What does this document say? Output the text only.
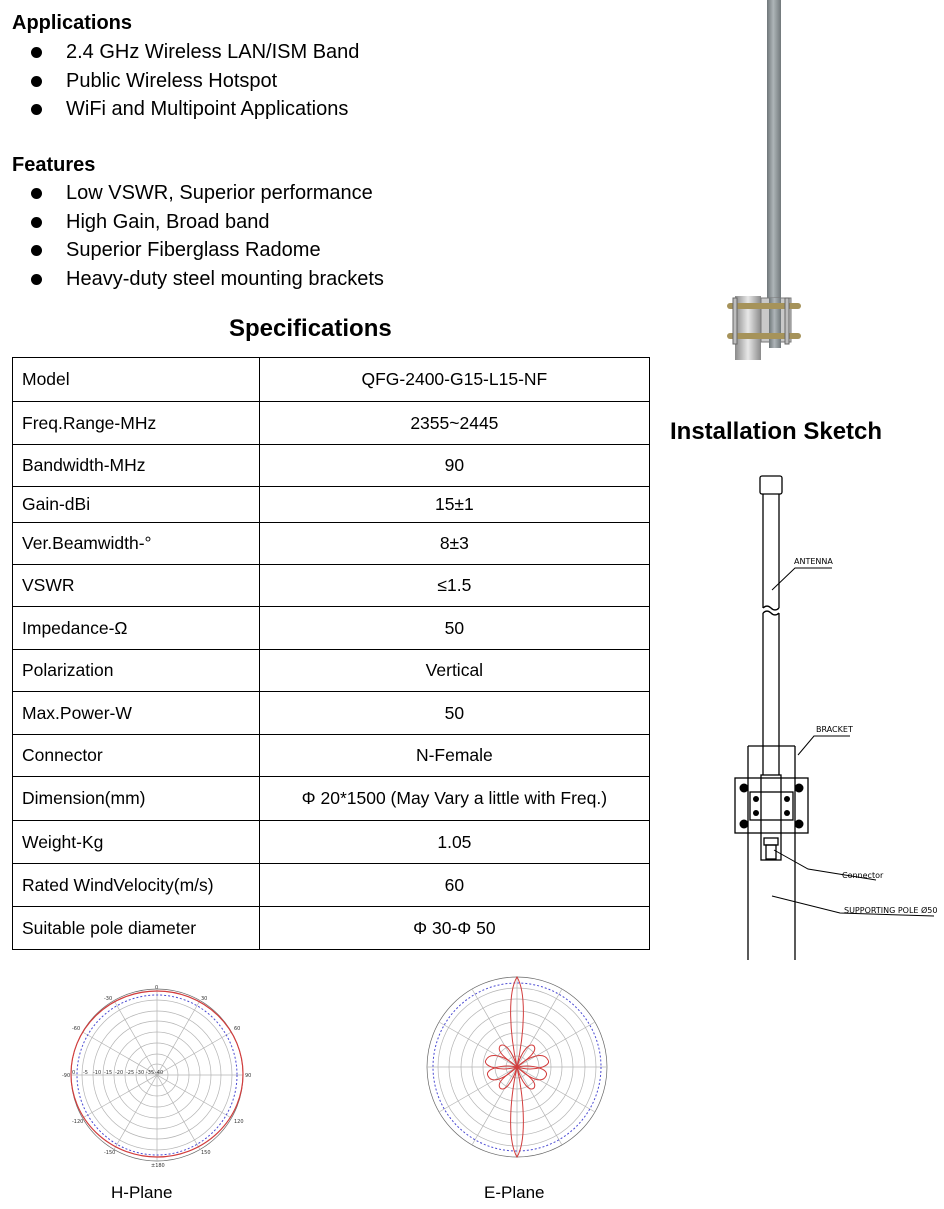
Applications
2.4 GHz Wireless LAN/ISM Band
Public Wireless Hotspot
WiFi and Multipoint Applications
Features
Low VSWR, Superior performance
High Gain, Broad band
Superior Fiberglass Radome
Heavy-duty steel mounting brackets
Specifications
Model	QFG-2400-G15-L15-NF
Freq.Range-MHz	2355~2445
Bandwidth-MHz	90
Gain-dBi	15±1
Ver.Beamwidth-°	8±3
VSWR	≤1.5
Impedance-Ω	50
Polarization	Vertical
Max.Power-W	50
Connector	N-Female
Dimension(mm)	Φ 20*1500 (May Vary a little with Freq.)
Weight-Kg	1.05
Rated WindVelocity(m/s)	60
Suitable pole diameter	Φ 30-Φ 50
Installation Sketch
ANTENNA
BRACKET
Connector
SUPPORTING POLE Ø50
0 -5 -10 -15 -20 -25 -30 -35 -40
0
30
60
90
120
150
±180
-150
-120
-90
-60
-30
H-Plane	E-Plane
